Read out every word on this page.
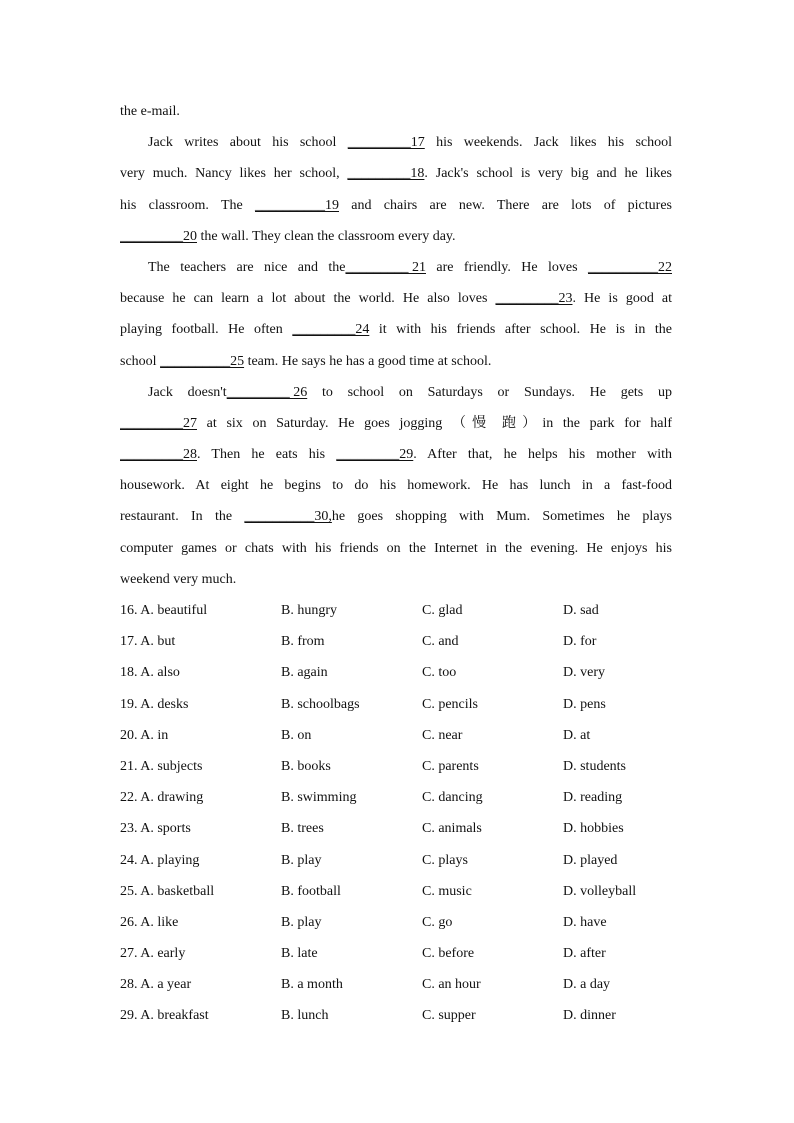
the e-mail.
Jack writes about his school _________17 his weekends. Jack likes his school
very much. Nancy likes her school, _________18. Jack's school is very big and he likes
his classroom. The __________19 and chairs are new. There are lots of pictures
_________20 the wall. They clean the classroom every day.
The teachers are nice and the_________ 21 are friendly. He loves __________22
because he can learn a lot about the world. He also loves _________23. He is good at
playing football. He often _________24 it with his friends after school. He is in the
school __________25 team. He says he has a good time at school.
Jack doesn't_________ 26 to school on Saturdays or Sundays. He gets up
_________27 at six on Saturday. He goes jogging （慢 跑）in the park for half
_________28. Then he eats his _________29. After that, he helps his mother with
housework. At eight he begins to do his homework. He has lunch in a fast-food
restaurant. In the __________30,he goes shopping with Mum. Sometimes he plays
computer games or chats with his friends on the Internet in the evening. He enjoys his
weekend very much.
16. A. beautiful	B. hungry	C. glad	D. sad
17. A. but	B. from	C. and	D. for
18. A. also	B. again	C. too	D. very
19. A. desks	B. schoolbags	C. pencils	D. pens
20. A. in	B. on	C. near	D. at
21. A. subjects	B. books	C. parents	D. students
22. A. drawing	B. swimming	C. dancing	D. reading
23. A. sports	B. trees	C. animals	D. hobbies
24. A. playing	B. play	C. plays	D. played
25. A. basketball	B. football	C. music	D. volleyball
26. A. like	B. play	C. go	D. have
27. A. early	B. late	C. before	D. after
28. A. a year	B. a month	C. an hour	D. a day
29. A. breakfast	B. lunch	C. supper	D. dinner
